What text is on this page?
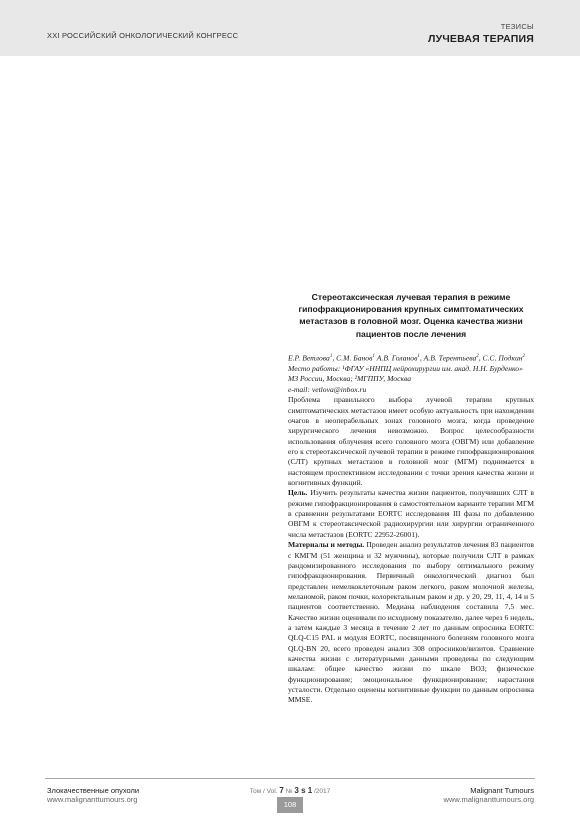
XXI РОССИЙСКИЙ ОНКОЛОГИЧЕСКИЙ КОНГРЕСС
ТЕЗИСЫ
ЛУЧЕВАЯ ТЕРАПИЯ
Стереотаксическая лучевая терапия в режиме гипофракционирования крупных симптоматических метастазов в головной мозг. Оценка качества жизни пациентов после лечения
Е.Р. Ветлова$^1$, С.М. Банов$^1$ А.В. Голанов$^1$, А.В. Терентьева$^2$, С.С. Подкин$^2$
Место работы: ¹ФГАУ «ННПЦ нейрохирургии им. акад. Н.Н. Бурденко» МЗ России, Москва; ²МГППУ, Москва
e-mail: vetlova@inbox.ru

Проблема правильного выбора лучевой терапии крупных симптоматических метастазов имеет особую актуальность при нахождении очагов в неоперабельных зонах головного мозга, когда проведение хирургического лечения невозможно. Вопрос целесообразности использования облучения всего головного мозга (ОВГМ) или добавление его к стереотаксической лучевой терапии в режиме гипофракционирования (СЛТ) крупных метастазов в головной мозг (МГМ) поднимается в настоящем проспективном исследовании с точки зрения качества жизни и когнитивных функций.

Цель. Изучить результаты качества жизни пациентов, получивших СЛТ в режиме гипофракционирования в самостоятельном варианте терапии МГМ в сравнении результатами EORTC исследования III фазы по добавлению ОВГМ к стереотаксической радиохирургии или хирургии ограниченного числа метастазов (EORTC 22952-26001).

Материалы и методы. Проведен анализ результатов лечения 83 пациентов с КМГМ (51 женщина и 32 мужчины), которые получили СЛТ в рамках рандомизированного исследования по выбору оптимального режиму гипофракционирования. Первичный онкологический диагноз был представлен немелкоклеточным раком легкого, раком молочной железы, меланомой, раком почки, колоректальным раком и др. у 20, 29, 11, 4, 14 и 5 пациентов соответственно. Медиана наблюдения составила 7,5 мес. Качество жизни оценивали по исходному показателю, далее через 6 недель, а затем каждые 3 месяца в течение 2 лет по данным опросника EORTC QLQ-C15 PAL и модуля EORTC, посвященного болезням головного мозга QLQ-BN 20, всего проведен анализ 308 опросников/визитов. Сравнение качества жизни с литературными данными проведены по следующим шкалам: общее качество жизни по шкале ВОЗ; физическое функционирование; эмоциональное функционирование; нарастания усталости. Отдельно оценены когнитивные функции по данным опросника MMSE.

Злокачественные опухоли
www.malignanttumours.org
Том / Vol. 7 № 3 s 1 /2017	Malignant Tumours
www.malignanttumours.org
108
